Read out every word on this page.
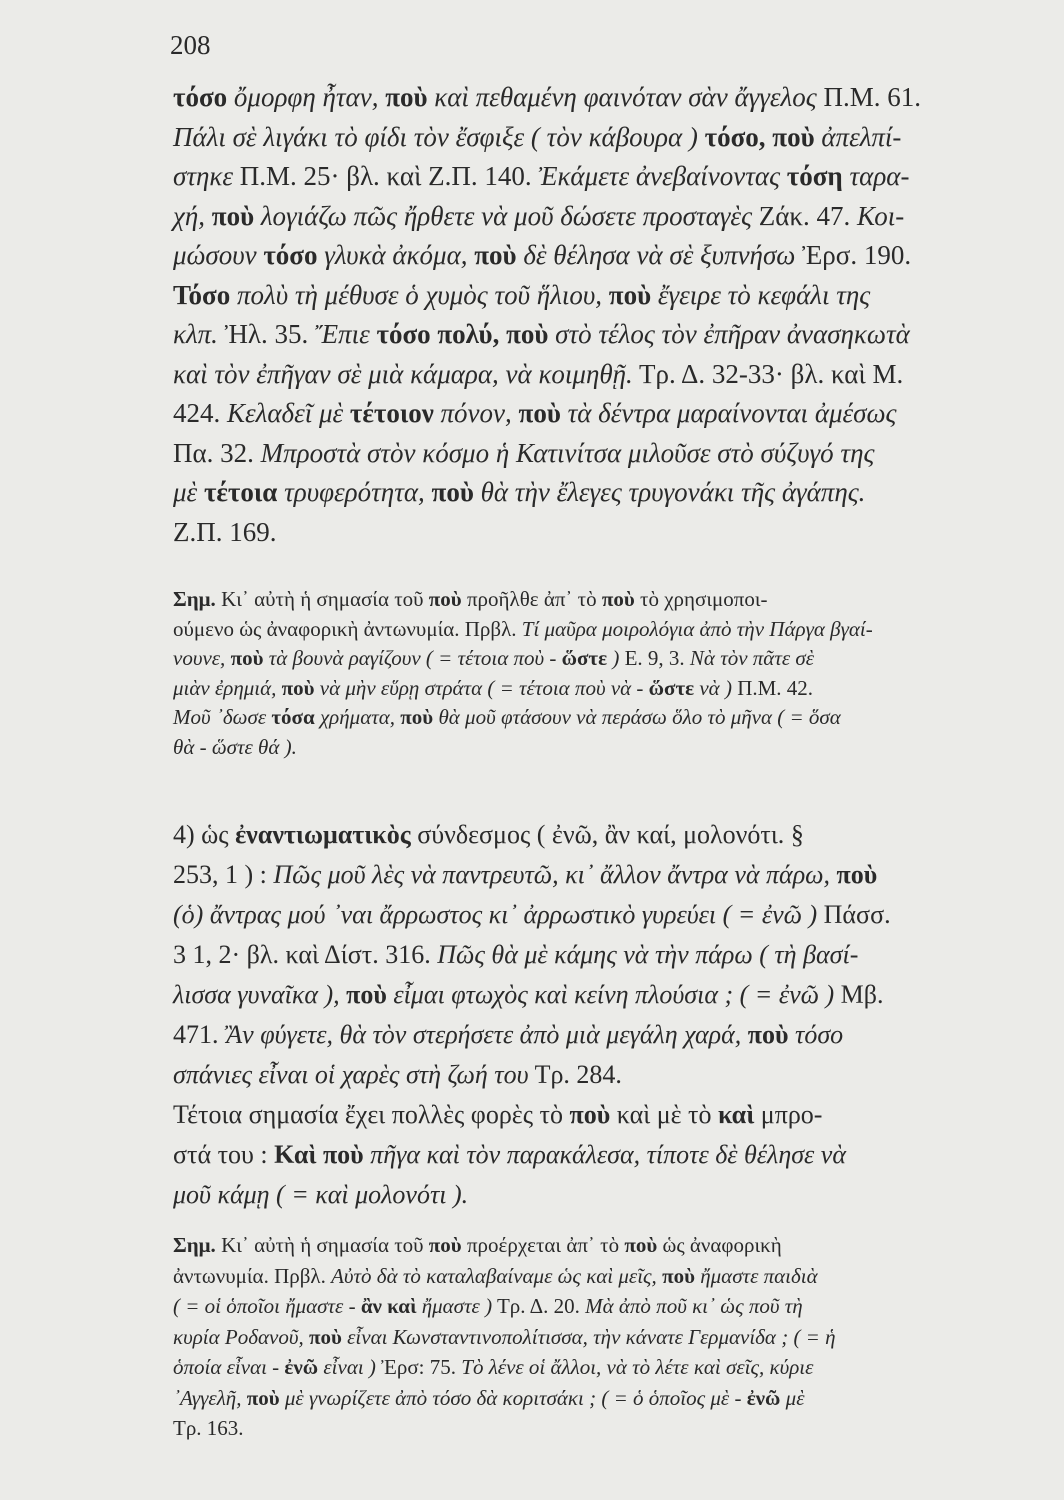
208
τόσο ὄμορφη ἦταν, ποὺ καὶ πεθαμένη φαινόταν σὰν ἄγγελος Π.Μ. 61.
Πάλι σὲ λιγάκι τὸ φίδι τὸν ἔσφιξε ( τὸν κάβουρα ) τόσο, ποὺ ἀπελπί-
στηκε Π.Μ. 25· βλ. καὶ Ζ.Π. 140. Ἐκάμετε ἀνεβαίνοντας τόση ταρα-
χή, ποὺ λογιάζω πῶς ἤρθετε νὰ μοῦ δώσετε προσταγὲς Ζάκ. 47. Κοι-
μώσουν τόσο γλυκὰ ἀκόμα, ποὺ δὲ θέλησα νὰ σὲ ξυπνήσω Ἐρσ. 190.
Τόσο πολὺ τὴ μέθυσε ὁ χυμὸς τοῦ ἥλιου, ποὺ ἔγειρε τὸ κεφάλι της
κλπ. Ἠλ. 35. Ἔπιε τόσο πολύ, ποὺ στὸ τέλος τὸν ἐπῆραν ἀνασηκωτὰ
καὶ τὸν ἐπῆγαν σὲ μιὰ κάμαρα, νὰ κοιμηθῇ. Τρ. Δ. 32-33· βλ. καὶ Μ.
424. Κελαδεῖ μὲ τέτοιον πόνον, ποὺ τὰ δέντρα μαραίνονται ἀμέσως
Πα. 32. Μπροστὰ στὸν κόσμο ἡ Κατινίτσα μιλοῦσε στὸ σύζυγό της
μὲ τέτοια τρυφερότητα, ποὺ θὰ τὴν ἔλεγες τρυγονάκι τῆς ἀγάπης.
Ζ.Π. 169.
Σημ. Κι᾽ αὐτὴ ἡ σημασία τοῦ ποὺ προῆλθε ἀπ᾽ τὸ ποὺ τὸ χρησιμοποι-
ούμενο ὡς ἀναφορικὴ ἀντωνυμία. Πρβλ. Τί μαῦρα μοιρολόγια ἀπὸ τὴν Πάργα βγαί-
νουνε, ποὺ τὰ βουνὰ ραγίζουν ( = τέτοια ποὺ - ὥστε ) Ε. 9, 3. Νὰ τὸν πᾶτε σὲ
μιὰν ἐρημιά, ποὺ νὰ μὴν εὕρῃ στράτα ( = τέτοια ποὺ νὰ - ὥστε νὰ ) Π.Μ. 42.
Μοῦ ᾽δωσε τόσα χρήματα, ποὺ θὰ μοῦ φτάσουν νὰ περάσω ὅλο τὸ μῆνα ( = ὅσα
θὰ - ὥστε θά ).
4) ὡς ἐναντιωματικὸς σύνδεσμος ( ἐνῶ, ἂν καί, μολονότι. §
253, 1 ) : Πῶς μοῦ λὲς νὰ παντρευτῶ, κι᾽ ἄλλον ἄντρα νὰ πάρω, ποὺ
(ὁ) ἄντρας μού ᾽ναι ἄρρωστος κι᾽ ἀρρωστικὸ γυρεύει ( = ἐνῶ ) Πάσσ.
3 1, 2· βλ. καὶ Δίστ. 316. Πῶς θὰ μὲ κάμης νὰ τὴν πάρω ( τὴ βασί-
λισσα γυναῖκα ), ποὺ εἶμαι φτωχὸς καὶ κείνη πλούσια ; ( = ἐνῶ ) Μβ.
471. Ἂν φύγετε, θὰ τὸν στερήσετε ἀπὸ μιὰ μεγάλη χαρά, ποὺ τόσο
σπάνιες εἶναι οἱ χαρὲς στὴ ζωή του Τρ. 284.
Τέτοια σημασία ἔχει πολλὲς φορὲς τὸ ποὺ καὶ μὲ τὸ καὶ μπρο-
στά του : Καὶ ποὺ πῆγα καὶ τὸν παρακάλεσα, τίποτε δὲ θέλησε νὰ
μοῦ κάμῃ ( = καὶ μολονότι ).
Σημ. Κι᾽ αὐτὴ ἡ σημασία τοῦ ποὺ προέρχεται ἀπ᾽ τὸ ποὺ ὡς ἀναφορικὴ
ἀντωνυμία. Πρβλ. Αὐτὸ δὰ τὸ καταλαβαίναμε ὡς καὶ μεῖς, ποὺ ἤμαστε παιδιὰ
( = οἱ ὁποῖοι ἤμαστε - ἂν καὶ ἤμαστε ) Τρ. Δ. 20. Μὰ ἀπὸ ποῦ κι᾽ ὡς ποῦ τὴ
κυρία Ροδανοῦ, ποὺ εἶναι Κωνσταντινοπολίτισσα, τὴν κάνατε Γερμανίδα ; ( = ἡ
ὁποία εἶναι - ἐνῶ εἶναι ) Ἐρσ: 75. Τὸ λένε οἱ ἄλλοι, νὰ τὸ λέτε καὶ σεῖς, κύριε
᾽Αγγελῆ, ποὺ μὲ γνωρίζετε ἀπὸ τόσο δὰ κοριτσάκι ; ( = ὁ ὁποῖος μὲ - ἐνῶ μὲ
Τρ. 163.
